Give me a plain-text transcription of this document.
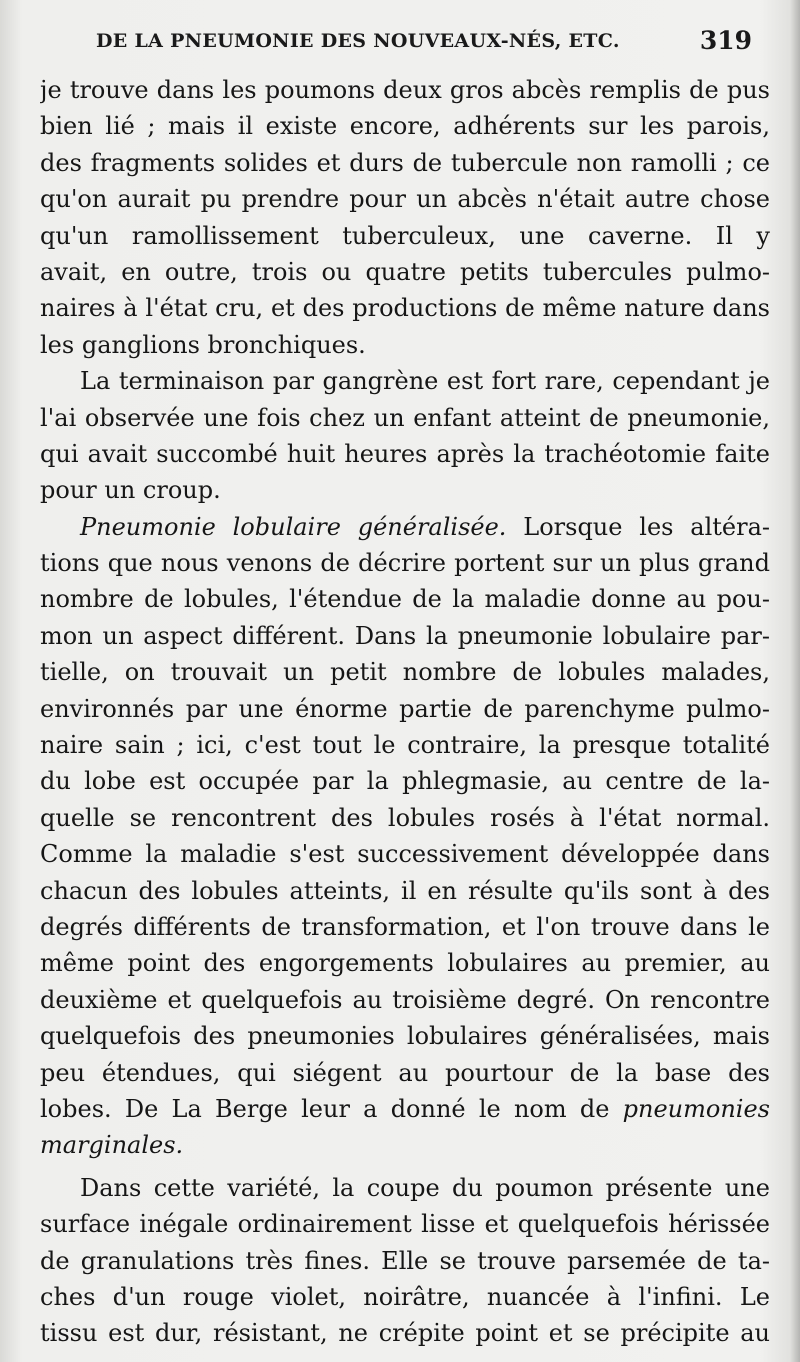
DE LA PNEUMONIE DES NOUVEAUX-NÉS, ETC.	319
je trouve dans les poumons deux gros abcès remplis de pus
bien lié ; mais il existe encore, adhérents sur les parois,
des fragments solides et durs de tubercule non ramolli ; ce
qu'on aurait pu prendre pour un abcès n'était autre chose
qu'un ramollissement tuberculeux, une caverne. Il y
avait, en outre, trois ou quatre petits tubercules pulmo-
naires à l'état cru, et des productions de même nature dans
les ganglions bronchiques.
La terminaison par gangrène est fort rare, cependant je
l'ai observée une fois chez un enfant atteint de pneumonie,
qui avait succombé huit heures après la trachéotomie faite
pour un croup.
Pneumonie lobulaire généralisée. Lorsque les altéra-
tions que nous venons de décrire portent sur un plus grand
nombre de lobules, l'étendue de la maladie donne au pou-
mon un aspect différent. Dans la pneumonie lobulaire par-
tielle, on trouvait un petit nombre de lobules malades,
environnés par une énorme partie de parenchyme pulmo-
naire sain ; ici, c'est tout le contraire, la presque totalité
du lobe est occupée par la phlegmasie, au centre de la-
quelle se rencontrent des lobules rosés à l'état normal.
Comme la maladie s'est successivement développée dans
chacun des lobules atteints, il en résulte qu'ils sont à des
degrés différents de transformation, et l'on trouve dans le
même point des engorgements lobulaires au premier, au
deuxième et quelquefois au troisième degré. On rencontre
quelquefois des pneumonies lobulaires généralisées, mais
peu étendues, qui siégent au pourtour de la base des
lobes. De La Berge leur a donné le nom de pneumonies
marginales.
Dans cette variété, la coupe du poumon présente une
surface inégale ordinairement lisse et quelquefois hérissée
de granulations très fines. Elle se trouve parsemée de ta-
ches d'un rouge violet, noirâtre, nuancée à l'infini. Le
tissu est dur, résistant, ne crépite point et se précipite au
